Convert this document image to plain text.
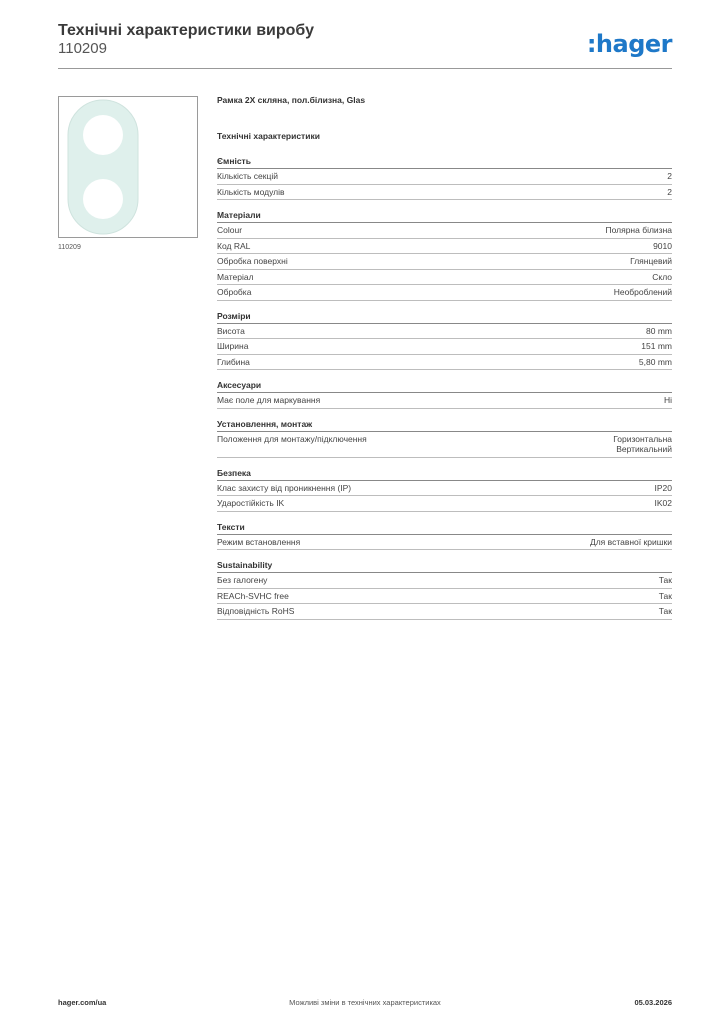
Технічні характеристики виробу
110209	:hager
110209
Рамка 2Х скляна, пол.білизна, Glas
Технічні характеристики
Ємність
Кількість секцій	2
Кількість модулів	2
Матеріали
Colour	Полярна білизна
Код RAL	9010
Обробка поверхні	Глянцевий
Матеріал	Скло
Обробка	Необроблений
Розміри
Висота	80 mm
Ширина	151 mm
Глибина	5,80 mm
Аксесуари
Має поле для маркування	Ні
Установлення, монтаж
Положення для монтажу/підключення	Горизонтальна
Вертикальний
Безпека
Клас захисту від проникнення (IP)	IP20
Ударостійкість IK	IK02
Тексти
Режим встановлення	Для вставної кришки
Sustainability
Без галогену	Так
REACh-SVHC free	Так
Відповідність RoHS	Так
hager.com/ua	Можливі зміни в технічних характеристиках	05.03.2026
